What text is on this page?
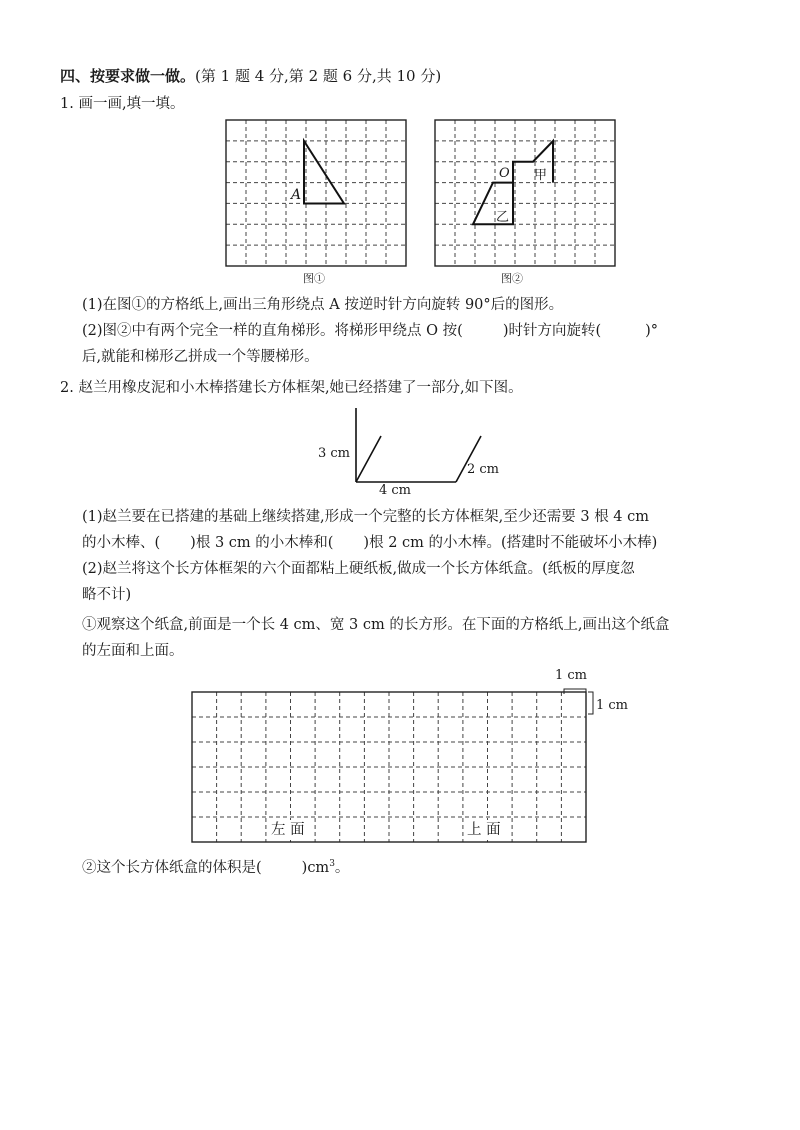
四、按要求做一做。(第 1 题 4 分,第 2 题 6 分,共 10 分)
1. 画一画,填一填。
A
图①
O 甲
乙
图②
(1)在图①的方格纸上,画出三角形绕点 A 按逆时针方向旋转 90°后的图形。
(2)图②中有两个完全一样的直角梯形。将梯形甲绕点 O 按(	)时针方向旋转(	)°
后,就能和梯形乙拼成一个等腰梯形。
2. 赵兰用橡皮泥和小木棒搭建长方体框架,她已经搭建了一部分,如下图。
3 cm
4 cm
2 cm
(1)赵兰要在已搭建的基础上继续搭建,形成一个完整的长方体框架,至少还需要 3 根 4 cm
的小木棒、( )根 3 cm 的小木棒和( )根 2 cm 的小木棒。(搭建时不能破坏小木棒)
(2)赵兰将这个长方体框架的六个面都粘上硬纸板,做成一个长方体纸盒。(纸板的厚度忽
略不计)
①观察这个纸盒,前面是一个长 4 cm、宽 3 cm 的长方形。在下面的方格纸上,画出这个纸盒
的左面和上面。
1 cm
1 cm
左 面	上 面
②这个长方体纸盒的体积是(	)$cm^3$。
